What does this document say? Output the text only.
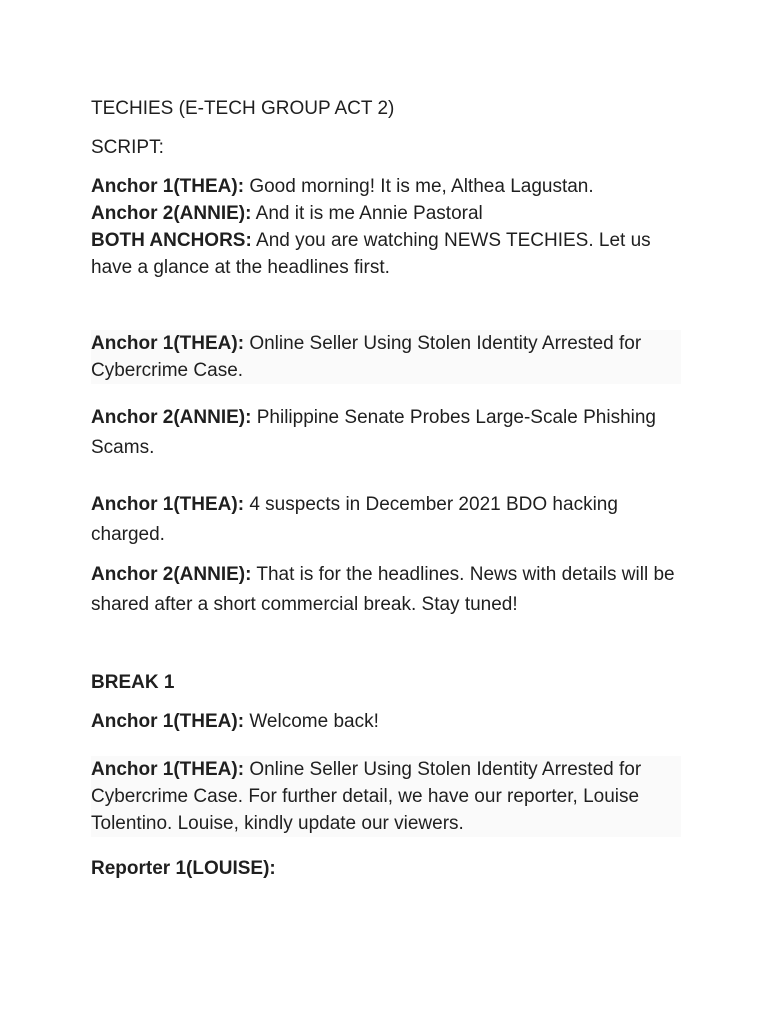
TECHIES (E-TECH GROUP ACT 2)

SCRIPT:

Anchor 1(THEA): Good morning! It is me, Althea Lagustan.
Anchor 2(ANNIE): And it is me Annie Pastoral
BOTH ANCHORS: And you are watching NEWS TECHIES. Let us have a glance at the headlines first.

Anchor 1(THEA): Online Seller Using Stolen Identity Arrested for Cybercrime Case.

Anchor 2(ANNIE): Philippine Senate Probes Large-Scale Phishing Scams.

Anchor 1(THEA): 4 suspects in December 2021 BDO hacking charged.

Anchor 2(ANNIE): That is for the headlines. News with details will be shared after a short commercial break. Stay tuned!

BREAK 1

Anchor 1(THEA): Welcome back!

Anchor 1(THEA): Online Seller Using Stolen Identity Arrested for Cybercrime Case. For further detail, we have our reporter, Louise Tolentino. Louise, kindly update our viewers.

Reporter 1(LOUISE):
